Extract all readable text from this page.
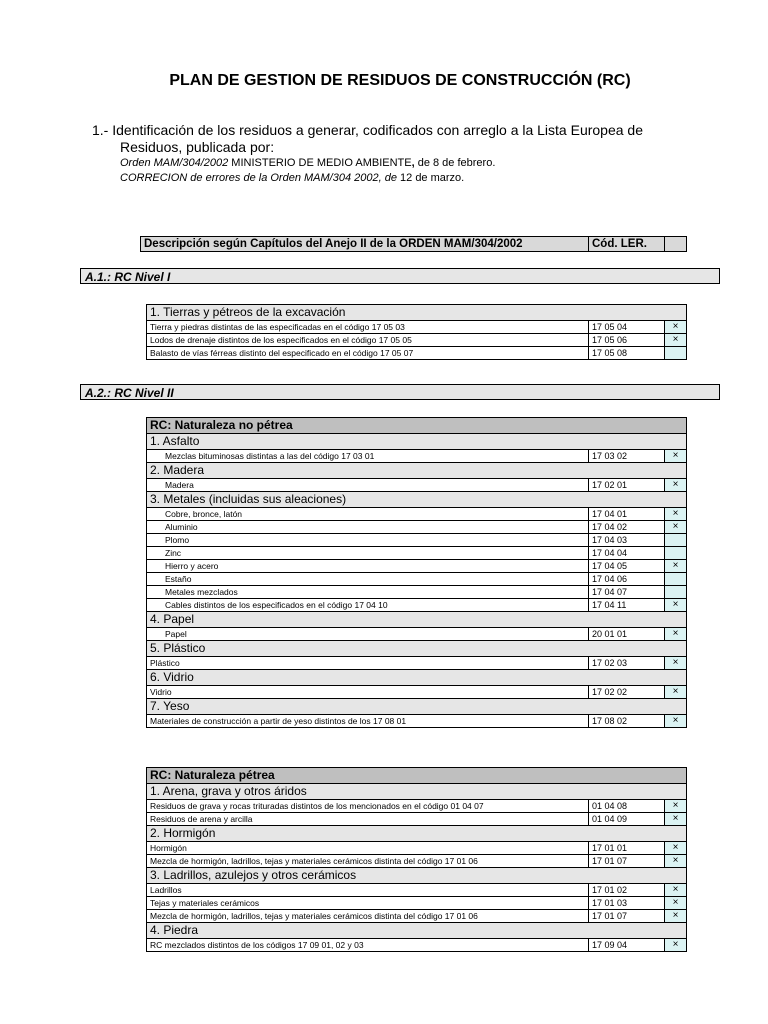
PLAN DE GESTION DE RESIDUOS DE CONSTRUCCIÓN (RC)
1.- Identificación de los residuos a generar, codificados con arreglo a la Lista Europea de
Residuos, publicada por:
Orden MAM/304/2002 MINISTERIO DE MEDIO AMBIENTE, de 8 de febrero.
CORRECION de errores de la Orden MAM/304 2002, de 12 de marzo.
Descripción según Capítulos del Anejo II de la ORDEN MAM/304/2002	Cód. LER.	
A.1.: RC Nivel I
1. Tierras y pétreos de la excavación		
Tierra y piedras distintas de las especificadas en el código 17 05 03	17 05 04	×
Lodos de drenaje distintos de los especificados en el código 17 05 05	17 05 06	×
Balasto de vías férreas distinto del especificado en el código 17 05 07	17 05 08	
A.2.: RC Nivel II
RC: Naturaleza no pétrea		
1. Asfalto		
Mezclas bituminosas distintas a las del código 17 03 01	17 03 02	×
2. Madera		
Madera	17 02 01	×
3. Metales (incluidas sus aleaciones)		
Cobre, bronce, latón	17 04 01	×
Aluminio	17 04 02	×
Plomo	17 04 03	
Zinc	17 04 04	
Hierro y acero	17 04 05	×
Estaño	17 04 06	
Metales mezclados	17 04 07	
Cables distintos de los especificados en el código 17 04 10	17 04 11	×
4. Papel		
Papel	20 01 01	×
5. Plástico		
Plástico	17 02 03	×
6. Vidrio		
Vidrio	17 02 02	×
7. Yeso		
Materiales de construcción a partir de yeso distintos de los 17 08 01	17 08 02	×
RC: Naturaleza pétrea		
1. Arena, grava y otros áridos		
Residuos de grava y rocas trituradas distintos de los mencionados en el código 01 04 07	01 04 08	×
Residuos de arena y arcilla	01 04 09	×
2. Hormigón		
Hormigón	17 01 01	×
Mezcla de hormigón, ladrillos, tejas y materiales cerámicos distinta del código 17 01 06	17 01 07	×
3. Ladrillos, azulejos y otros cerámicos		
Ladrillos	17 01 02	×
Tejas y materiales cerámicos	17 01 03	×
Mezcla de hormigón, ladrillos, tejas y materiales cerámicos distinta del código 17 01 06	17 01 07	×
4. Piedra		
RC mezclados distintos de los códigos 17 09 01, 02 y 03	17 09 04	×
